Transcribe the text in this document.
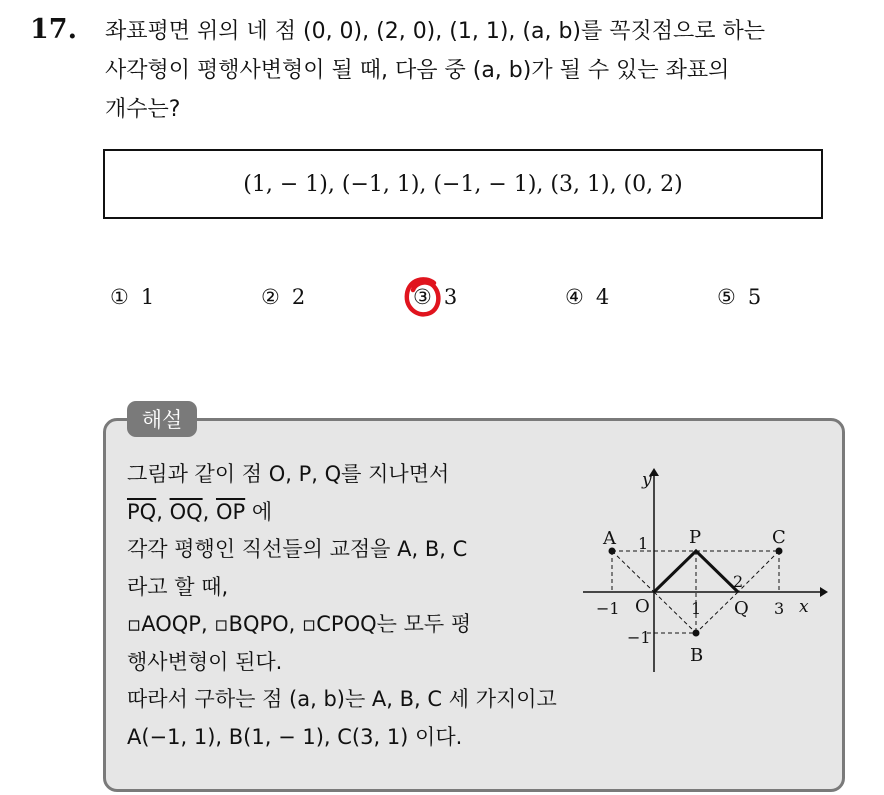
17. 좌표평면 위의 네 점 (0, 0), (2, 0), (1, 1), (a, b)를 꼭짓점으로 하는
사각형이 평행사변형이 될 때, 다음 중 (a, b)가 될 수 있는 좌표의
개수는?
(1, − 1), (−1, 1), (−1, − 1), (3, 1), (0, 2)
① 1	② 2	③ 3	④ 4	⑤ 5
해설
그림과 같이 점 O, P, Q를 지나면서
$\overline{PQ}$, $\overline{OQ}$, $\overline{OP}$ 에
각각 평행인 직선들의 교점을 A, B, C
라고 할 때,
▫AOQP, ▫BQPO, ▫CPOQ는 모두 평
행사변형이 된다.
따라서 구하는 점 (a, b)는 A, B, C 세 가지이고
A(−1, 1), B(1, − 1), C(3, 1) 이다.
y
x
O
A	P	C
Q
B
1
−1	1
2
3
−1
